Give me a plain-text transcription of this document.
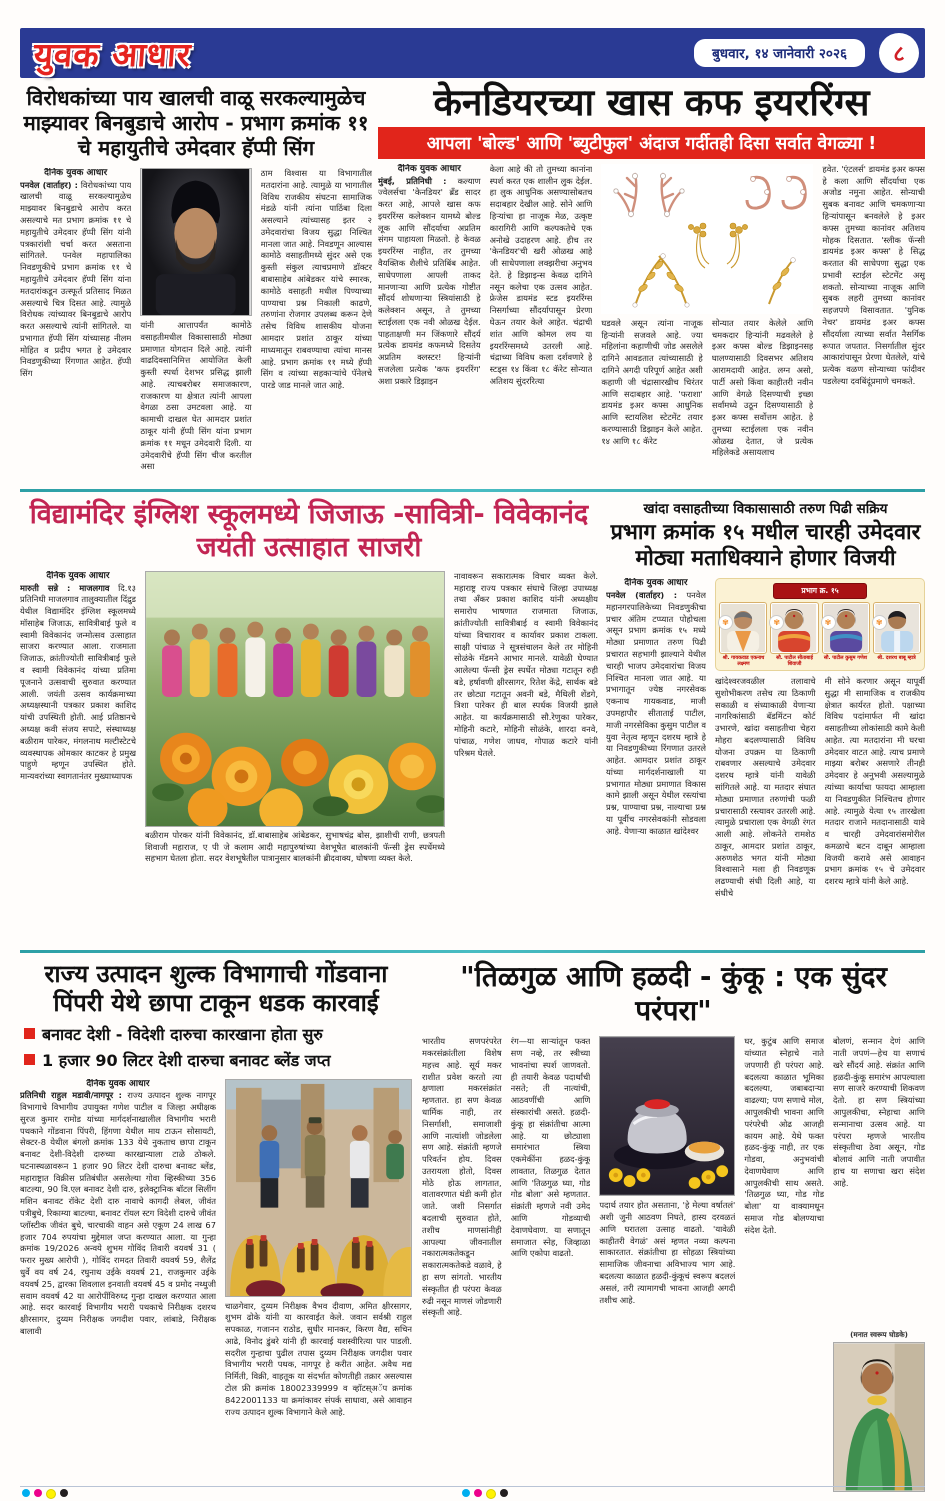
युवक आधार	बुधवार, १४ जानेवारी २०२६	८
विरोधकांच्या पाय खालची वाळू सरकल्यामुळेच माझ्यावर बिनबुडाचे आरोप - प्रभाग क्रमांक ११ चे महायुतीचे उमेदवार हॅप्पी सिंग
दैनिक युवक आधार
पनवेल (वार्ताहर) : विरोधकांच्या पाय खालची वाळू सरकल्यामुळेच माझ्यावर बिनबुडाचे आरोप करत असल्याचे मत प्रभाग क्रमांक ११ चे महायुतीचे उमेदवार हॅप्पी सिंग यांनी पत्रकारांशी चर्चा करत असताना सांगितले. पनवेल महापालिका निवडणुकीचे प्रभाग क्रमांक ११ चे महायुतीचे उमेदवार हॅप्पी सिंग यांना मतदारांकडून उत्स्फूर्त प्रतिसाद मिळत असल्याचे चित्र दिसत आहे. त्यामुळे विरोधक त्यांच्यावर बिनबुडाचे आरोप करत असल्याचे त्यांनी सांगितले. या प्रभागात हॅप्पी सिंग यांच्यासह नीलम मोहित व प्रदीप भगत हे उमेदवार निवडणुकीच्या रिंगणात आहेत. हॅप्पी सिंग
यांनी आत्तापर्यंत कामोठे वसाहतीमधील विकासासाठी मोठ्या प्रमाणात योगदान दिले आहे. त्यांनी वाढदिवसानिमित्त आयोजित केली कुस्ती स्पर्धा देशभर प्रसिद्ध झाली आहे. त्याचबरोबर समाजकारण, राजकारण या क्षेत्रात त्यांनी आपला वेगळा ठसा उमटवला आहे. या कामाची दाखल घेत आमदार प्रशांत ठाकूर यांनी हॅप्पी सिंग यांना प्रभाग क्रमांक ११ मधून उमेदवारी दिली. या उमेदवारीचे हॅप्पी सिंग चीज करतील असा
ठाम विश्वास या विभागातील मतदारांना आहे. त्यामुळे या भागातील विविध राजकीय संघटना सामाजिक मंडळे यांनी त्यांना पाठिंबा दिला असल्याने त्यांच्यासह इतर २ उमेदवारांचा विजय सुद्धा निश्चित मानला जात आहे. निवडणून आल्यास कामोठे वसाहतीमध्ये सुंदर असे एक कुस्ती संकुल त्याचप्रमाणे डॉक्टर बाबासाहेब आंबेडकर यांचे स्मारक, कामोठे वसाहती मधील पिण्याच्या पाण्याचा प्रश्न निकाली काढणे, तरुणांना रोजगार उपलब्ध करून देणे तसेच विविध शासकीय योजना आमदार प्रशांत ठाकूर यांच्या माध्यमातून राबवण्याचा त्यांचा मानस आहे. प्रभाग क्रमांक ११ मध्ये हॅप्पी सिंग व त्यांच्या सहकाऱ्यांचे पॅनेलचे पारडे जाड मानले जात आहे.
केनडियरच्या खास कफ इयररिंग्स
आपला 'बोल्ड' आणि 'ब्युटीफुल' अंदाज गर्दीतही दिसा सर्वात वेगळ्या !
दैनिक युवक आधार
मुंबई, प्रतिनिधी : कल्याण ज्वेलर्सचा 'केनडियर' ब्रँड सादर करत आहे, आपले खास कफ इयररिंग्स कलेक्शन यामध्ये बोल्ड लूक आणि सौंदर्याचा अप्रतिम संगम पाहायला मिळतो. हे केवळ इयररिंग्स नाहीत, तर तुमच्या वैयक्तिक शैलीचे प्रतिबिंब आहेत. साधेपणाला आपली ताकद मानणाऱ्या आणि प्रत्येक गोष्टीत सौंदर्य शोधणाऱ्या स्त्रियांसाठी हे कलेक्शन असून, ते तुमच्या स्टाईलला एक नवी ओळख देईल. पाहताक्षणी मन जिंकणारे सौंदर्य प्रत्येक डायमंड कफमध्ये दिसतेय अप्रतिम क्लस्टर! हिऱ्यांनी सजलेला प्रत्येक 'कफ इयररिंग' अशा प्रकारे डिझाइन
केला आहे की तो तुमच्या कानांना स्पर्श करत एक शालीन लुक देईल. हा लुक आधुनिक असण्यासोबतच सदाबहार देखील आहे. सोने आणि हिऱ्यांचा हा नाजूक मेळ, उत्कृष्ट कारागिरी आणि कल्पकतेचे एक अनोखे उदाहरण आहे. हीच तर 'केनडियर'ची खरी ओळख आहे जी साधेपणाला लक्झरीचा अनुभव देते. हे डिझाइन्स केवळ दागिने नसून कलेचा एक उत्सव आहेत. फ्रेजेस डायमंड स्टड इयररिंग्स निसर्गाच्या सौंदर्यापासून प्रेरणा घेऊन तयार केले आहेत. चंद्राची शांत आणि कोमल लय या इयररिंग्समध्ये उतरली आहे. चंद्राच्या विविध कला दर्शवणारे हे स्टड्स १४ किंवा १८ कॅरेट सोन्यात अतिशय सुंदररित्या
घडवले असून त्यांना नाजूक हिऱ्यांनी सजवले आहे. ज्या महिलांना कहाणीची जोड असलेले दागिने आवडतात त्यांच्यासाठी हे दागिने अगदी परिपूर्ण आहेत अशी कहाणी जी चंद्रासारखीच चिरंतर आणि सदाबहार आहे. 'फराशा' डायमंड इअर कफ्स आधुनिक आणि स्टायलिश स्टेटमेंट तयार करण्यासाठी डिझाइन केले आहेत. १४ आणि १८ कॅरेट
सोन्यात तयार केलेले आणि चमकदार हिऱ्यांनी मढवलेले हे इअर कफ्स बोल्ड डिझाइनसह घालण्यासाठी दिवसभर अतिशय आरामदायी आहेत. लग्न असो, पार्टी असो किंवा काहीतरी नवीन आणि वेगळे दिसण्याची इच्छा सर्वांमध्ये उठून दिसण्यासाठी हे इअर कफ्स सर्वोत्तम आहेत. हे तुमच्या स्टाईलला एक नवीन ओळख देतात, जे प्रत्येक महिलेकडे असायलाच
हवेत. 'एंटलर्स' डायमंड इअर कफ्स हे कला आणि सौंदर्याचा एक अजोड नमुना आहेत. सोन्याची सुबक बनावट आणि चमकणाऱ्या हिऱ्यांपासून बनवलेले हे इअर कफ्स तुमच्या कानांवर अतिशय मोहक दिसतात. 'स्लीक फॅन्सी डायमंड इअर कफ्स' हे सिद्ध करतात की साधेपणा सुद्धा एक प्रभावी स्टाईल स्टेटमेंट असू शकतो. सोन्याच्या नाजूक आणि सुबक लहरी तुमच्या कानांवर सहजपणे विसावतात. 'युनिक नेचर' डायमंड इअर कफ्स सौंदर्याला त्याच्या सर्वात नैसर्गिक रूपात जपतात. निसर्गातील सुंदर आकारांपासून प्रेरणा घेतलेले, यांचे प्रत्येक वळण सोन्याच्या फांदीवर पडलेल्या दवबिंदूंप्रमाणे चमकते.
विद्यामंदिर इंग्लिश स्कूलमध्ये जिजाऊ -सावित्री- विवेकानंद जयंती उत्साहात साजरी
दैनिक युवक आधार
मारुती सन्ने : माजलगाव दि.१३ प्रतिनिधी माजलगाव तालुक्यातील दिंद्रुड येथील विद्यामंदिर इंग्लिश स्कूलमध्ये मॉसाहेब जिजाऊ, सावित्रीबाई फुले व स्वामी विवेकानंद जन्मोत्सव उत्साहात साजरा करण्यात आला. राजमाता जिजाऊ, क्रांतीज्योती सावित्रीबाई फुले व स्वामी विवेकानंद यांच्या प्रतिमा पूजनाने उत्सवाची सुरुवात करण्यात आली. जयंती उत्सव कार्यक्रमाच्या अध्यक्षस्थानी पत्रकार प्रकाश काशिद यांची उपस्थिती होती. आई प्रतिष्ठानचे अध्यक्ष कवी संजय सपाटे, संस्थाध्यक्ष बळीराम पारेकर, मंगलनाथ मल्टीस्टेटचे व्यवस्थापक ओमकार काटकर हे प्रमुख पाहुणे म्हणून उपस्थित होते. मान्यवरांच्या स्वागतानंतर मुख्याध्यापक
बळीराम पोरकर यांनी विवेकानंद, डॉ.बाबासाहेब आंबेडकर, सुभाषचंद्र बोस, झाशीची राणी, छत्रपती शिवाजी महाराज, ए पी जे कलाम आदी महापुरुषांच्या वेशभूषेत बालकांनी फॅन्सी ड्रेस स्पर्धेमध्ये सहभाग घेतला होता. सदर वेशभूषेतील पात्रानुसार बालकांनी ब्रीदवाक्य, घोषणा व्यक्त केले.
नावावरून सकारात्मक विचार व्यक्त केले. महाराष्ट्र राज्य पत्रकार संघाचे जिल्हा उपाध्यक्ष तथा अँकर प्रकाश काशिद यांनी अध्यक्षीय समारोप भाषणात राजमाता जिजाऊ, क्रांतीज्योती सावित्रीबाई व स्वामी विवेकानंद यांच्या विचारावर व कार्यावर प्रकाश टाकला. साक्षी पांचाळ ने सूत्रसंचालन केले तर मोहिनी सोळंके मॅडमने आभार मानले. यावेळी घेण्यात आलेल्या फॅन्सी ड्रेस स्पर्धेत मोठ्या गटातून रुही बडे, हर्षावणी क्षीरसागर, रितेश केंद्रे, सार्थक बडे तर छोट्या गटातून अवनी बडे, मैथिली शेंडगे, त्रिशा पारेकर ही बाल स्पर्धक विजयी झाले आहेत. या कार्यक्रमासाठी सौ.रेणुका पारेकर, मोहिनी कटारे, मोहिनी सोळंके, शारदा वनवे, पांचाळ, गणेश जाधव, गोपाळ कटारे यांनी परिश्रम घेतले.
खांदा वसाहतीच्या विकासासाठी तरुण पिढी सक्रिय
प्रभाग क्रमांक १५ मधील चारही उमेदवार मोठ्या मताधिक्याने होणार विजयी
दैनिक युवक आधार
पनवेल (वार्ताहर) : पनवेल महानगरपालिकेच्या निवडणुकीचा प्रचार अंतिम टप्प्यात पोहोचला असून प्रभाग क्रमांक १५ मध्ये मोठ्या प्रमाणात तरुण पिढी प्रचारात सहभागी झाल्याने येथील चारही भाजप उमेदवारांचा विजय निश्चित मानला जात आहे. या प्रभागातून ज्येष्ठ नगरसेवक एकनाथ गायकवाड, माजी उपमहापौर सीताताई पाटील, माजी नगरसेविका कुसुम पाटील व युवा नेतृत्व म्हणून दशरथ म्हात्रे हे या निवडणुकीच्या रिंगणात उतरले आहेत. आमदार प्रशांत ठाकूर यांच्या मार्गदर्शनाखाली या प्रभागात मोठ्या प्रमाणात विकास कामे झाली असून येथील रस्त्यांचा प्रश्न, पाण्याचा प्रश्न, नाल्याचा प्रश्न या पूर्वीच नगरसेवकांनी सोडवला आहे. येणाऱ्या काळात खांदेश्वर
प्रभाग क्र. १५
✾	✾	✾	✾
श्री. गायकवाड एकनाथ लक्ष्मण
सौ. पाटील सीताबाई शिवाजी
सौ. पाटील कुसुम गणेश	श्री. दशरथ बाबू म्हात्रे
खांदेश्वरजवळील तलावाचे सुशोभीकरण तसेच त्या ठिकाणी सकाळी व संध्याकाळी येणाऱ्या नागरिकांसाठी बॅडमिंटन कोर्ट उभारणे, खांदा वसाहतीचा चेहरा मोहरा बदलण्यासाठी विविध योजना उपक्रम या ठिकाणी राबवणार असल्याचे उमेदवार दशरथ म्हात्रे यांनी यावेळी सांगितले आहे. या मतदार संघात मोठ्या प्रमाणात तरुणांची फळी प्रचारासाठी रस्त्यावर उतरली आहे. त्यामुळे प्रचाराला एक वेगळी रंगत आली आहे. लोकनेते रामशेठ ठाकूर, आमदार प्रशांत ठाकूर, अरुणशेठ भगत यांनी मोठ्या विश्वासाने मला ही निवडणूक लढण्याची संधी दिली आहे, या संधीचे
मी सोने करणार असून यापूर्वी सुद्धा मी सामाजिक व राजकीय क्षेत्रात कार्यरत होतो. पक्षाच्या विविध पदांमार्फत मी खांदा वसाहतीच्या लोकांसाठी कामे केली आहेत. त्या मतदारांना मी घरचा उमेदवार वाटत आहे. त्याच प्रमाणे माझ्या बरोबर असणारे तीनही उमेदवार हे अनुभवी असल्यामुळे त्यांच्या कार्याचा फायदा आम्हाला या निवडणुकीत निश्चितच होणार आहे. त्यामुळे येत्या १५ तारखेला मतदार राजाने मतदानासाठी यावे व चारही उमेदवारांसमोरील कमळाचे बटन दाबून आम्हाला विजयी करावे असे आवाहन प्रभाग क्रमांक १५ चे उमेदवार दशरथ म्हात्रे यांनी केले आहे.
राज्य उत्पादन शुल्क विभागाची गोंडवाना पिंपरी येथे छापा टाकून धडक कारवाई
बनावट देशी - विदेशी दारुचा कारखाना होता सुरु
1 हजार 90 लिटर देशी दारुचा बनावट ब्लेंड जप्त
दैनिक युवक आधार
प्रतिनिधी राहुल मडावी/नागपूर : राज्य उत्पादन शुल्क नागपूर विभागाचे विभागीय उपायुक्त गणेश पाटील व जिल्हा अधीक्षक सुरज कुमार रामोड यांच्या मार्गदर्शनाखालील विभागीय भरारी पथकाने गोंडवाना पिंपरी, हिंगणा येथील माय टाऊन सोसायटी, सेक्टर-8 येथील बंगलो क्रमांक 133 येथे नुकताच छापा टाकून बनावट देशी-विदेशी दारुच्या कारखान्याला टाळे ठोकले. घटनास्थळावरून 1 हजार 90 लिटर देशी दारुचा बनावट ब्लेंड, महाराष्ट्रात विक्रीस प्रतिबंधीत असलेल्या गोवा व्हिस्कीच्या 356 बाटल्या, 90 वि.एल बनावट देशी दारु, इलेक्ट्रानिक बॉटल सिलींग मशिन बनावट रॉकेट देशी दारु नावाचे कागदी लेबल, जीवंत पत्रीबुचे, रिकाम्या बाटल्या, बनावट रॉयल स्टग विदेशी दारुचे जीवंत प्लॉस्टीक जीवंत बुचे, चारचाकी वाहन असे एकूण 24 लाख 67 हजार 704 रुपयांचा मुद्देमाल जप्त करण्यात आला. या गुन्हा क्रमांक 19/2026 अन्वये शुभम गोविंद तिवारी वयवर्ष 31 ( फरार मुख्य आरोपी ), गोविंद रामदत तिवारी वयवर्ष 59, शैलेंद्र धुर्वे वय वर्ष 24, रघुनाथ उईके वयवर्ष 21, राजकुमार उईके वयवर्ष 25, द्वारका शिवलाल इनवाती वयवर्ष 45 व प्रमोद नथ्थुजी सवाम वयवर्ष 42 या आरोपींविरुध्द गुन्हा दाखल करण्यात आला आहे. सदर कारवाई विभागीय भरारी पथकाचे निरीक्षक दशरथ क्षीरसागर, दुय्यम निरीक्षक जगदीश पवार, लांबाडे, निरीक्षक बालावी
चाळगेवार, दुय्यम निरीक्षक वैभव दीवाण, अमित क्षीरसागर, शुभम ढोके यांनी या कारवाईत केले. जवान सर्वश्री राहुल सपकाळ, गजानन राठोड, सुधीर मानकर, किरण वैद्य, सचिन आढे, विनोद डुंबरे यांनी ही कारवाई यशस्वीरित्या पार पाडली. सदरील गुन्हाचा पुढील तपास दुय्यम निरीक्षक जगदीश पवार विभागीय भरारी पथक, नागपूर हे करीत आहेत. अवैध मद्य निर्मिती, विक्री, वाहतूक या संदर्भात कोणतीही तक्रार असल्यास टोल फ्री क्रमांक 18002339999 व व्हॉटस्अॅप क्रमांक 8422001133 या क्रमांकावर संपर्क साधावा, असे आवाहन राज्य उत्पादन शुल्क विभागाने केले आहे.
"तिळगुळ आणि हळदी - कुंकू : एक सुंदर परंपरा"
भारतीय सणपरंपरेत मकरसंक्रांतीला विशेष महत्त्व आहे. सूर्य मकर राशीत प्रवेश करतो त्या क्षणाला मकरसंक्रांत म्हणतात. हा सण केवळ धार्मिक नाही, तर निसर्गाशी, समाजाशी आणि नात्यांशी जोडलेला सण आहे. संक्रांती म्हणजे परिवर्तन होय. दिवस उतरायला होतो, दिवस मोठे होऊ लागतात, वातावरणात थंडी कमी होत जाते. जशी निसर्गात बदलाची सुरुवात होते, तशीच माणसांनीही आपल्या जीवनातील नकारात्मकतेकडून सकारात्मकतेकडे वळावे, हे हा सण सांगतो. भारतीय संस्कृतीत ही परंपरा केवळ रुढी नसून माणसं जोडणारी संस्कृती आहे.
रंग—या साऱ्यांतून फक्त सण नव्हे, तर स्त्रीच्या भावनांचा स्पर्श जाणवतो. ही तयारी केवळ पदार्थांची नसते; ती नात्यांची, आठवणींची आणि संस्कारांची असते. हळदी-कुंकू हा संक्रांतीचा आत्मा आहे. या छोट्याशा समारंभात स्त्रिया एकमेकींना हळद-कुंकू लावतात, तिळगुळ देतात आणि 'तिळगुळ घ्या, गोड गोड बोला' असे म्हणतात. संक्रांती म्हणजे नवी उमेद आणि गोडव्याची देवाणघेवाण. या सणातून समाजात स्नेह, जिव्हाळा आणि एकोपा वाढतो.
पदार्थ तयार होत असताना, 'हे मेल्या वर्षातलं' अशी जुनी आठवण निघते, हास्य दरवळतं आणि घरातला उत्साह वाढतो. 'यावेळी काहीतरी वेगळं' असं म्हणत नव्या कल्पना साकारतात. संक्रांतीचा हा सोहळा स्त्रियांच्या सामाजिक जीवनाचा अविभाज्य भाग आहे. बदलत्या काळात हळदी-कुंकूचं स्वरूप बदललं असलं, तरी त्यामागची भावना आजही अगदी तशीच आहे.
घर, कुटुंब आणि समाज यांच्यात स्नेहाचे नाते जपणारी ही परंपरा आहे. बदलत्या काळात भूमिका बदलल्या, जबाबदाऱ्या वाढल्या; पण सणाचे मोल, आपुलकीची भावना आणि परंपरेची ओढ आजही कायम आहे. येथे फक्त हळद-कुंकू नाही, तर एक गोडवा, अनुभवांची देवाणघेवाण आणि आपुलकीची साथ असते. 'तिळगुळ घ्या, गोड गोड बोला' या वाक्यामधून समाज गोड बोलण्याचा संदेश देतो.
बोलणं, सन्मान देणं आणि नाती जपणं—हेच या सणाचं खरे सौंदर्य आहे. संक्रांत आणि हळदी-कुंकू समारंभ आपल्याला सण साजरे करण्याची शिकवण देतो. हा सण स्त्रियांच्या आपुलकीचा, स्नेहाचा आणि सन्मानाचा उत्सव आहे. या परंपरा म्हणजे भारतीय संस्कृतीचा ठेवा असून, गोड बोलावं आणि नाती जपावीत हाच या सणाचा खरा संदेश आहे.
(मनात स्वरूप घोडके)
